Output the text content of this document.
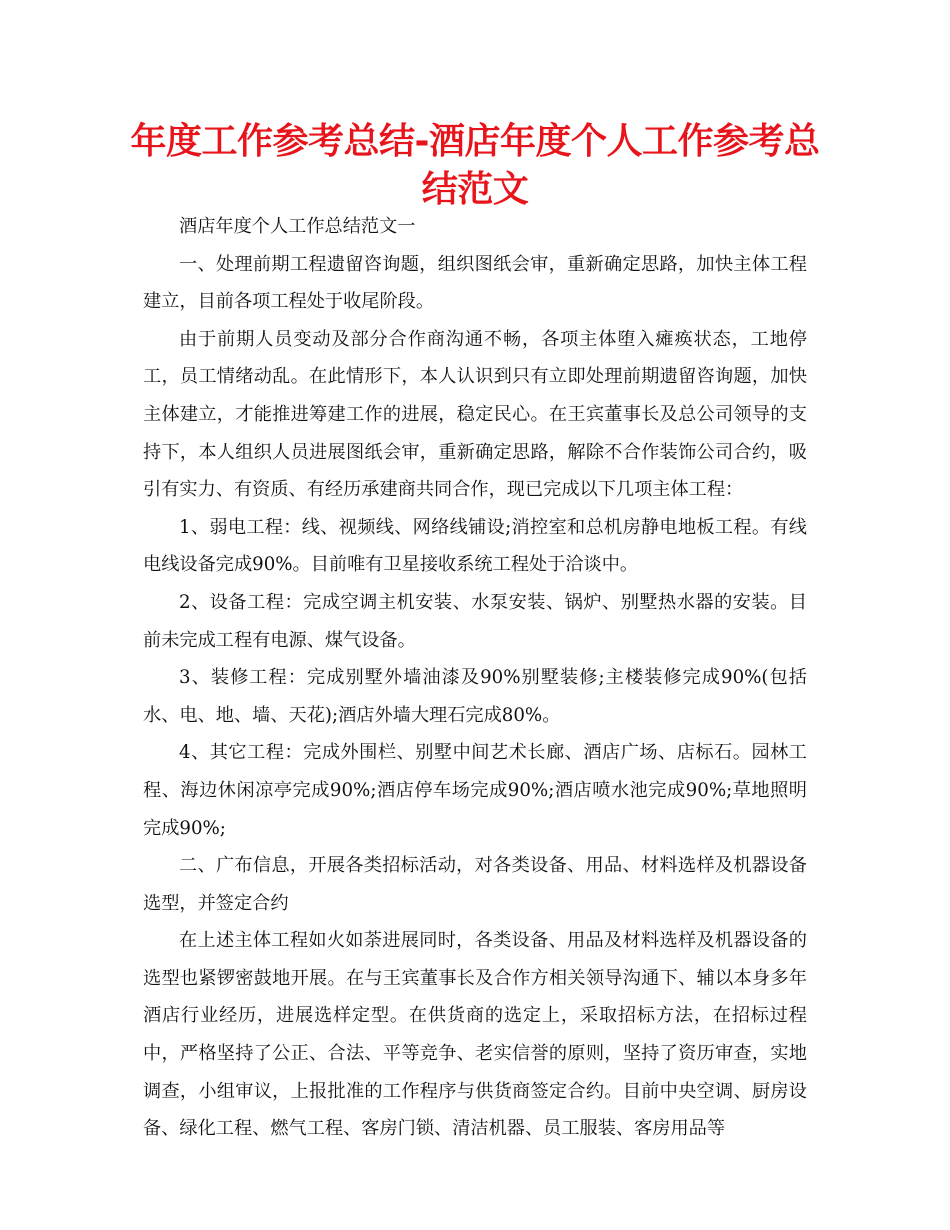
年度工作参考总结-酒店年度个人工作参考总结范文

酒店年度个人工作总结范文一

一、处理前期工程遗留咨询题，组织图纸会审，重新确定思路，加快主体工程建立，目前各项工程处于收尾阶段。

由于前期人员变动及部分合作商沟通不畅，各项主体堕入瘫痪状态，工地停工，员工情绪动乱。在此情形下，本人认识到只有立即处理前期遗留咨询题，加快主体建立，才能推进筹建工作的进展，稳定民心。在王宾董事长及总公司领导的支持下，本人组织人员进展图纸会审，重新确定思路，解除不合作装饰公司合约，吸引有实力、有资质、有经历承建商共同合作，现已完成以下几项主体工程：

1、弱电工程：线、视频线、网络线铺设;消控室和总机房静电地板工程。有线电线设备完成90%。目前唯有卫星接收系统工程处于洽谈中。

2、设备工程：完成空调主机安装、水泵安装、锅炉、别墅热水器的安装。目前未完成工程有电源、煤气设备。

3、装修工程：完成别墅外墙油漆及90%别墅装修;主楼装修完成90%(包括水、电、地、墙、天花);酒店外墙大理石完成80%。

4、其它工程：完成外围栏、别墅中间艺术长廊、酒店广场、店标石。园林工程、海边休闲凉亭完成90%;酒店停车场完成90%;酒店喷水池完成90%;草地照明完成90%;

二、广布信息，开展各类招标活动，对各类设备、用品、材料选样及机器设备选型，并签定合约

在上述主体工程如火如荼进展同时，各类设备、用品及材料选样及机器设备的选型也紧锣密鼓地开展。在与王宾董事长及合作方相关领导沟通下、辅以本身多年酒店行业经历，进展选样定型。在供货商的选定上，采取招标方法，在招标过程中，严格坚持了公正、合法、平等竞争、老实信誉的原则，坚持了资历审查，实地调查，小组审议，上报批准的工作程序与供货商签定合约。目前中央空调、厨房设备、绿化工程、燃气工程、客房门锁、清洁机器、员工服装、客房用品等
